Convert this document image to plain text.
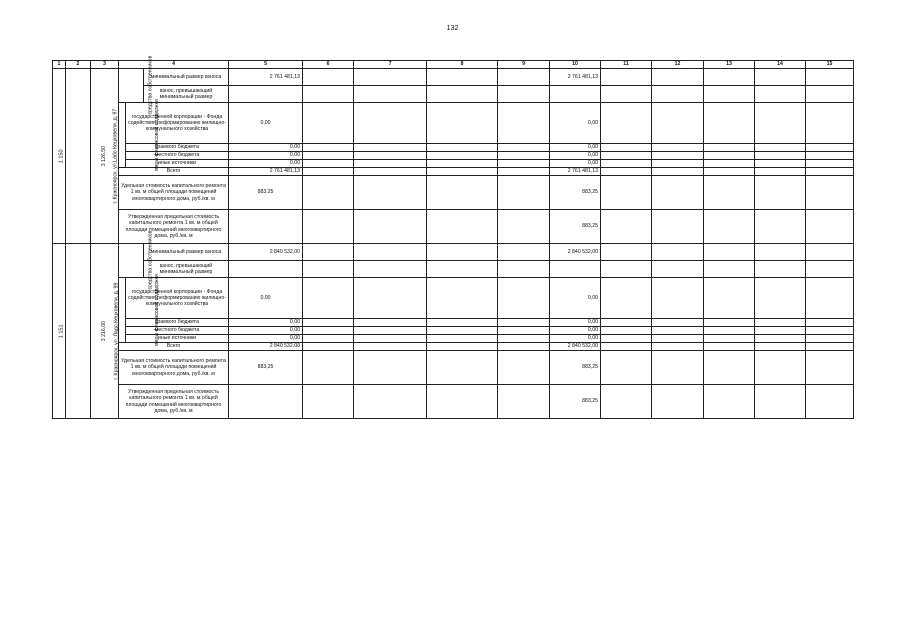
132
1	2	3	4			5	6	7	8	9	10	11	12	13	14	15
1 150	г. Красноярск, ул.Ládo Кецховели, д. 97	3 126,50	средства собственников		минимальный размер взноса	2 761 481,13					2 761 481,13					
					взнос, превышающий минимальный размер											
			меры финансовой поддержки	государственной корпорации - Фонда содействия реформированию жилищно-коммунального хозяйства		0,00					0,00					
				краевого бюджета		0,00					0,00					
				местного бюджета		0,00					0,00					
				иные источники		0,00					0,00					
			Всего			2 761 481,13					2 761 481,13					
			Удельная стоимость капитального ремонта 1 кв. м общей площади помещений многоквартирного дома, руб./кв. м			883,25					883,25					
			Утвержденная предельная стоимость капитального ремонта 1 кв. м общей площади помещений многоквартирного дома, руб./кв. м								883,25					
1 151	г. Красноярск, ул. Ладо Кецховели, д. 99	3 216,00	средства собственников		минимальный размер взноса	2 840 532,00					2 840 532,00					
					взнос, превышающий минимальный размер											
			меры финансовой поддержки	государственной корпорации - Фонда содействия реформированию жилищно-коммунального хозяйства		0,00					0,00					
				краевого бюджета		0,00					0,00					
				местного бюджета		0,00					0,00					
				иные источники		0,00					0,00					
			Всего			2 840 532,00					2 840 532,00					
			Удельная стоимость капитального ремонта 1 кв. м общей площади помещений многоквартирного дома, руб./кв. м			883,25					883,25					
			Утвержденная предельная стоимость капитального ремонта 1 кв. м общей площади помещений многоквартирного дома, руб./кв. м								883,25					
